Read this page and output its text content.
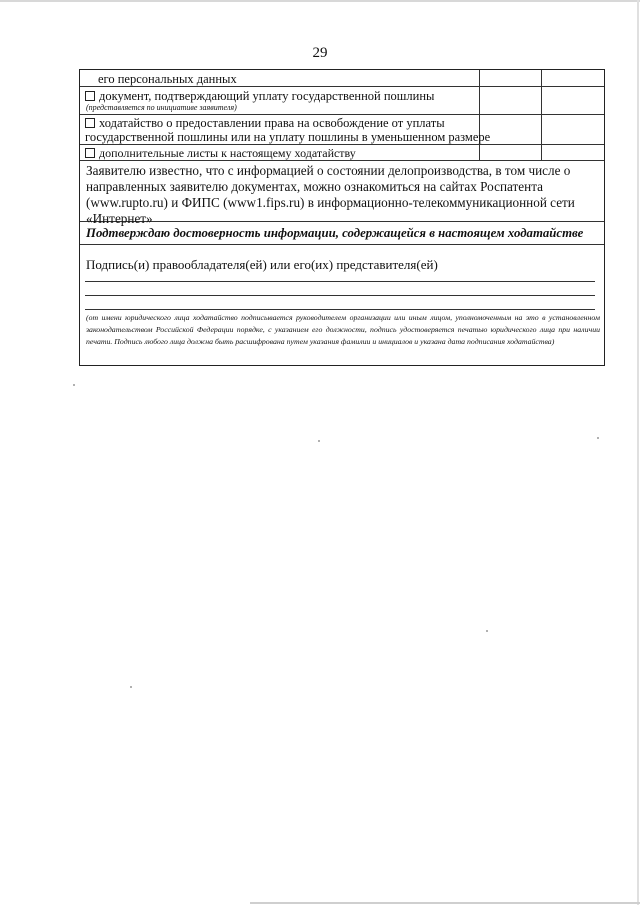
29
его персональных данных
документ, подтверждающий уплату государственной пошлины
(представляется по инициативе заявителя)
ходатайство о предоставлении права на освобождение от уплаты
государственной пошлины или на уплату пошлины в уменьшенном размере
дополнительные листы к настоящему ходатайству
Заявителю известно, что с информацией о состоянии делопроизводства, в том числе о направленных заявителю документах, можно ознакомиться на сайтах Роспатента (www.rupto.ru) и ФИПС (www1.fips.ru) в информационно-телекоммуникационной сети «Интернет»
Подтверждаю достоверность информации, содержащейся в настоящем ходатайстве
Подпись(и) правообладателя(ей) или его(их) представителя(ей)
(от имени юридического лица ходатайство подписывается руководителем организации или иным лицом, уполномоченным на это в установленном законодательством Российской Федерации порядке, с указанием его должности, подпись удостоверяется печатью юридического лица при наличии печати. Подпись любого лица должна быть расшифрована путем указания фамилии и инициалов и указана дата подписания ходатайства)
